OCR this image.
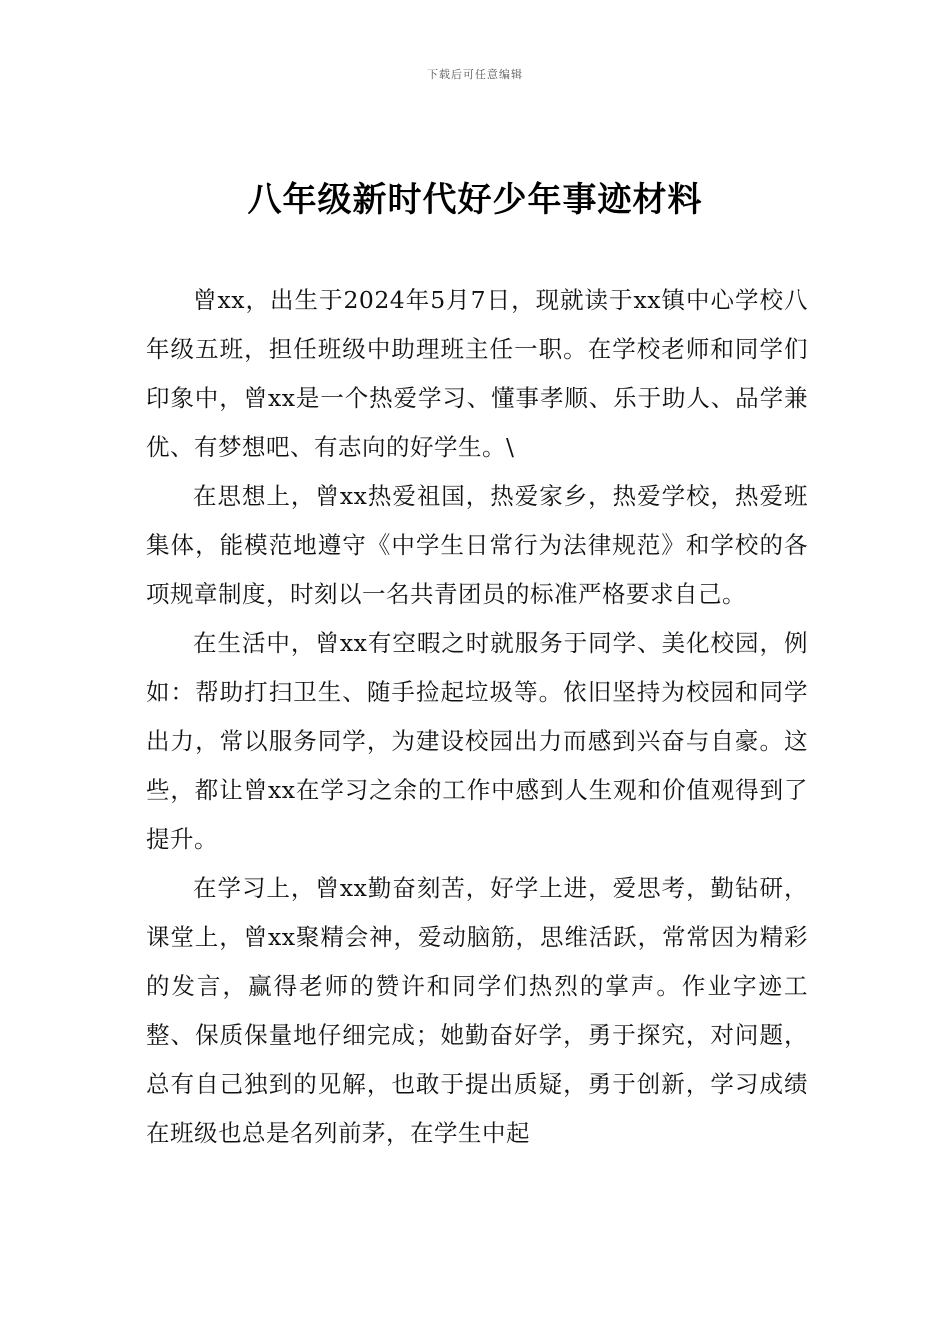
下载后可任意编辑
八年级新时代好少年事迹材料

曾xx，出生于2024年5月7日，现就读于xx镇中心学校八年级五班，担任班级中助理班主任一职。在学校老师和同学们印象中，曾xx是一个热爱学习、懂事孝顺、乐于助人、品学兼优、有梦想吧、有志向的好学生。\

在思想上，曾xx热爱祖国，热爱家乡，热爱学校，热爱班集体，能模范地遵守《中学生日常行为法律规范》和学校的各项规章制度，时刻以一名共青团员的标准严格要求自己。

在生活中，曾xx有空暇之时就服务于同学、美化校园，例如：帮助打扫卫生、随手捡起垃圾等。依旧坚持为校园和同学出力，常以服务同学，为建设校园出力而感到兴奋与自豪。这些，都让曾xx在学习之余的工作中感到人生观和价值观得到了提升。

在学习上，曾xx勤奋刻苦，好学上进，爱思考，勤钻研，课堂上，曾xx聚精会神，爱动脑筋，思维活跃，常常因为精彩的发言，赢得老师的赞许和同学们热烈的掌声。作业字迹工整、保质保量地仔细完成；她勤奋好学，勇于探究，对问题，总有自己独到的见解，也敢于提出质疑，勇于创新，学习成绩在班级也总是名列前茅，在学生中起
